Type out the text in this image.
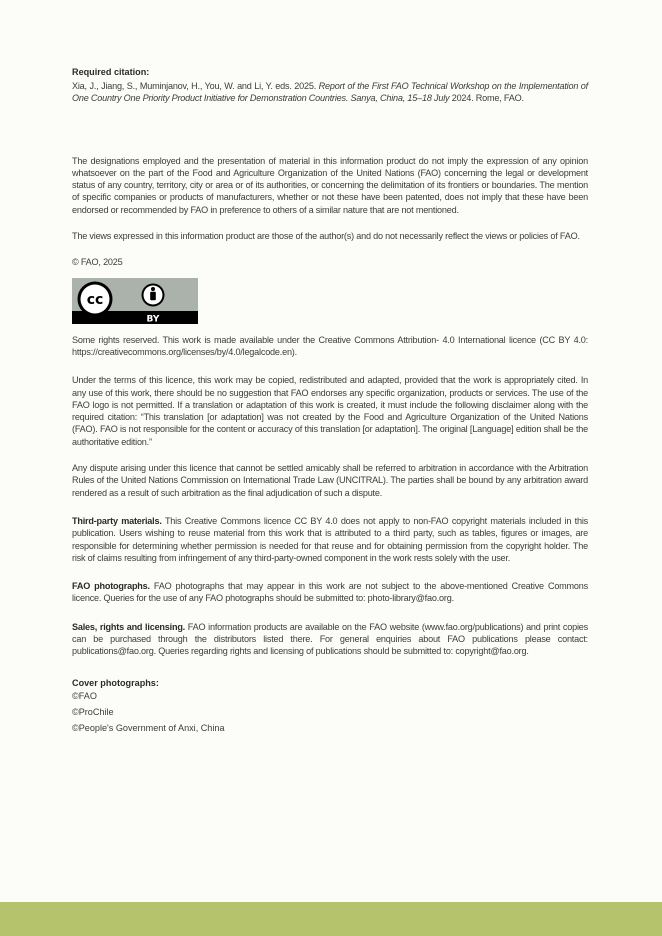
Required citation:

Xia, J., Jiang, S., Muminjanov, H., You, W. and Li, Y. eds. 2025. Report of the First FAO Technical Workshop on the Implementation of One Country One Priority Product Initiative for Demonstration Countries. Sanya, China, 15–18 July 2024. Rome, FAO.

The designations employed and the presentation of material in this information product do not imply the expression of any opinion whatsoever on the part of the Food and Agriculture Organization of the United Nations (FAO) concerning the legal or development status of any country, territory, city or area or of its authorities, or concerning the delimitation of its frontiers or boundaries. The mention of specific companies or products of manufacturers, whether or not these have been patented, does not imply that these have been endorsed or recommended by FAO in preference to others of a similar nature that are not mentioned.

The views expressed in this information product are those of the author(s) and do not necessarily reflect the views or policies of FAO.

© FAO, 2025

cc
BY

Some rights reserved. This work is made available under the Creative Commons Attribution- 4.0 International licence (CC BY 4.0: https://creativecommons.org/licenses/by/4.0/legalcode.en).

Under the terms of this licence, this work may be copied, redistributed and adapted, provided that the work is appropriately cited. In any use of this work, there should be no suggestion that FAO endorses any specific organization, products or services. The use of the FAO logo is not permitted. If a translation or adaptation of this work is created, it must include the following disclaimer along with the required citation: “This translation [or adaptation] was not created by the Food and Agriculture Organization of the United Nations (FAO). FAO is not responsible for the content or accuracy of this translation [or adaptation]. The original [Language] edition shall be the authoritative edition.”

Any dispute arising under this licence that cannot be settled amicably shall be referred to arbitration in accordance with the Arbitration Rules of the United Nations Commission on International Trade Law (UNCITRAL). The parties shall be bound by any arbitration award rendered as a result of such arbitration as the final adjudication of such a dispute.

Third-party materials. This Creative Commons licence CC BY 4.0 does not apply to non-FAO copyright materials included in this publication. Users wishing to reuse material from this work that is attributed to a third party, such as tables, figures or images, are responsible for determining whether permission is needed for that reuse and for obtaining permission from the copyright holder. The risk of claims resulting from infringement of any third-party-owned component in the work rests solely with the user.

FAO photographs. FAO photographs that may appear in this work are not subject to the above-mentioned Creative Commons licence. Queries for the use of any FAO photographs should be submitted to: photo-library@fao.org.

Sales, rights and licensing. FAO information products are available on the FAO website (www.fao.org/publications) and print copies can be purchased through the distributors listed there. For general enquiries about FAO publications please contact: publications@fao.org. Queries regarding rights and licensing of publications should be submitted to: copyright@fao.org.

Cover photographs:
©FAO
©ProChile
©People's Government of Anxi, China
